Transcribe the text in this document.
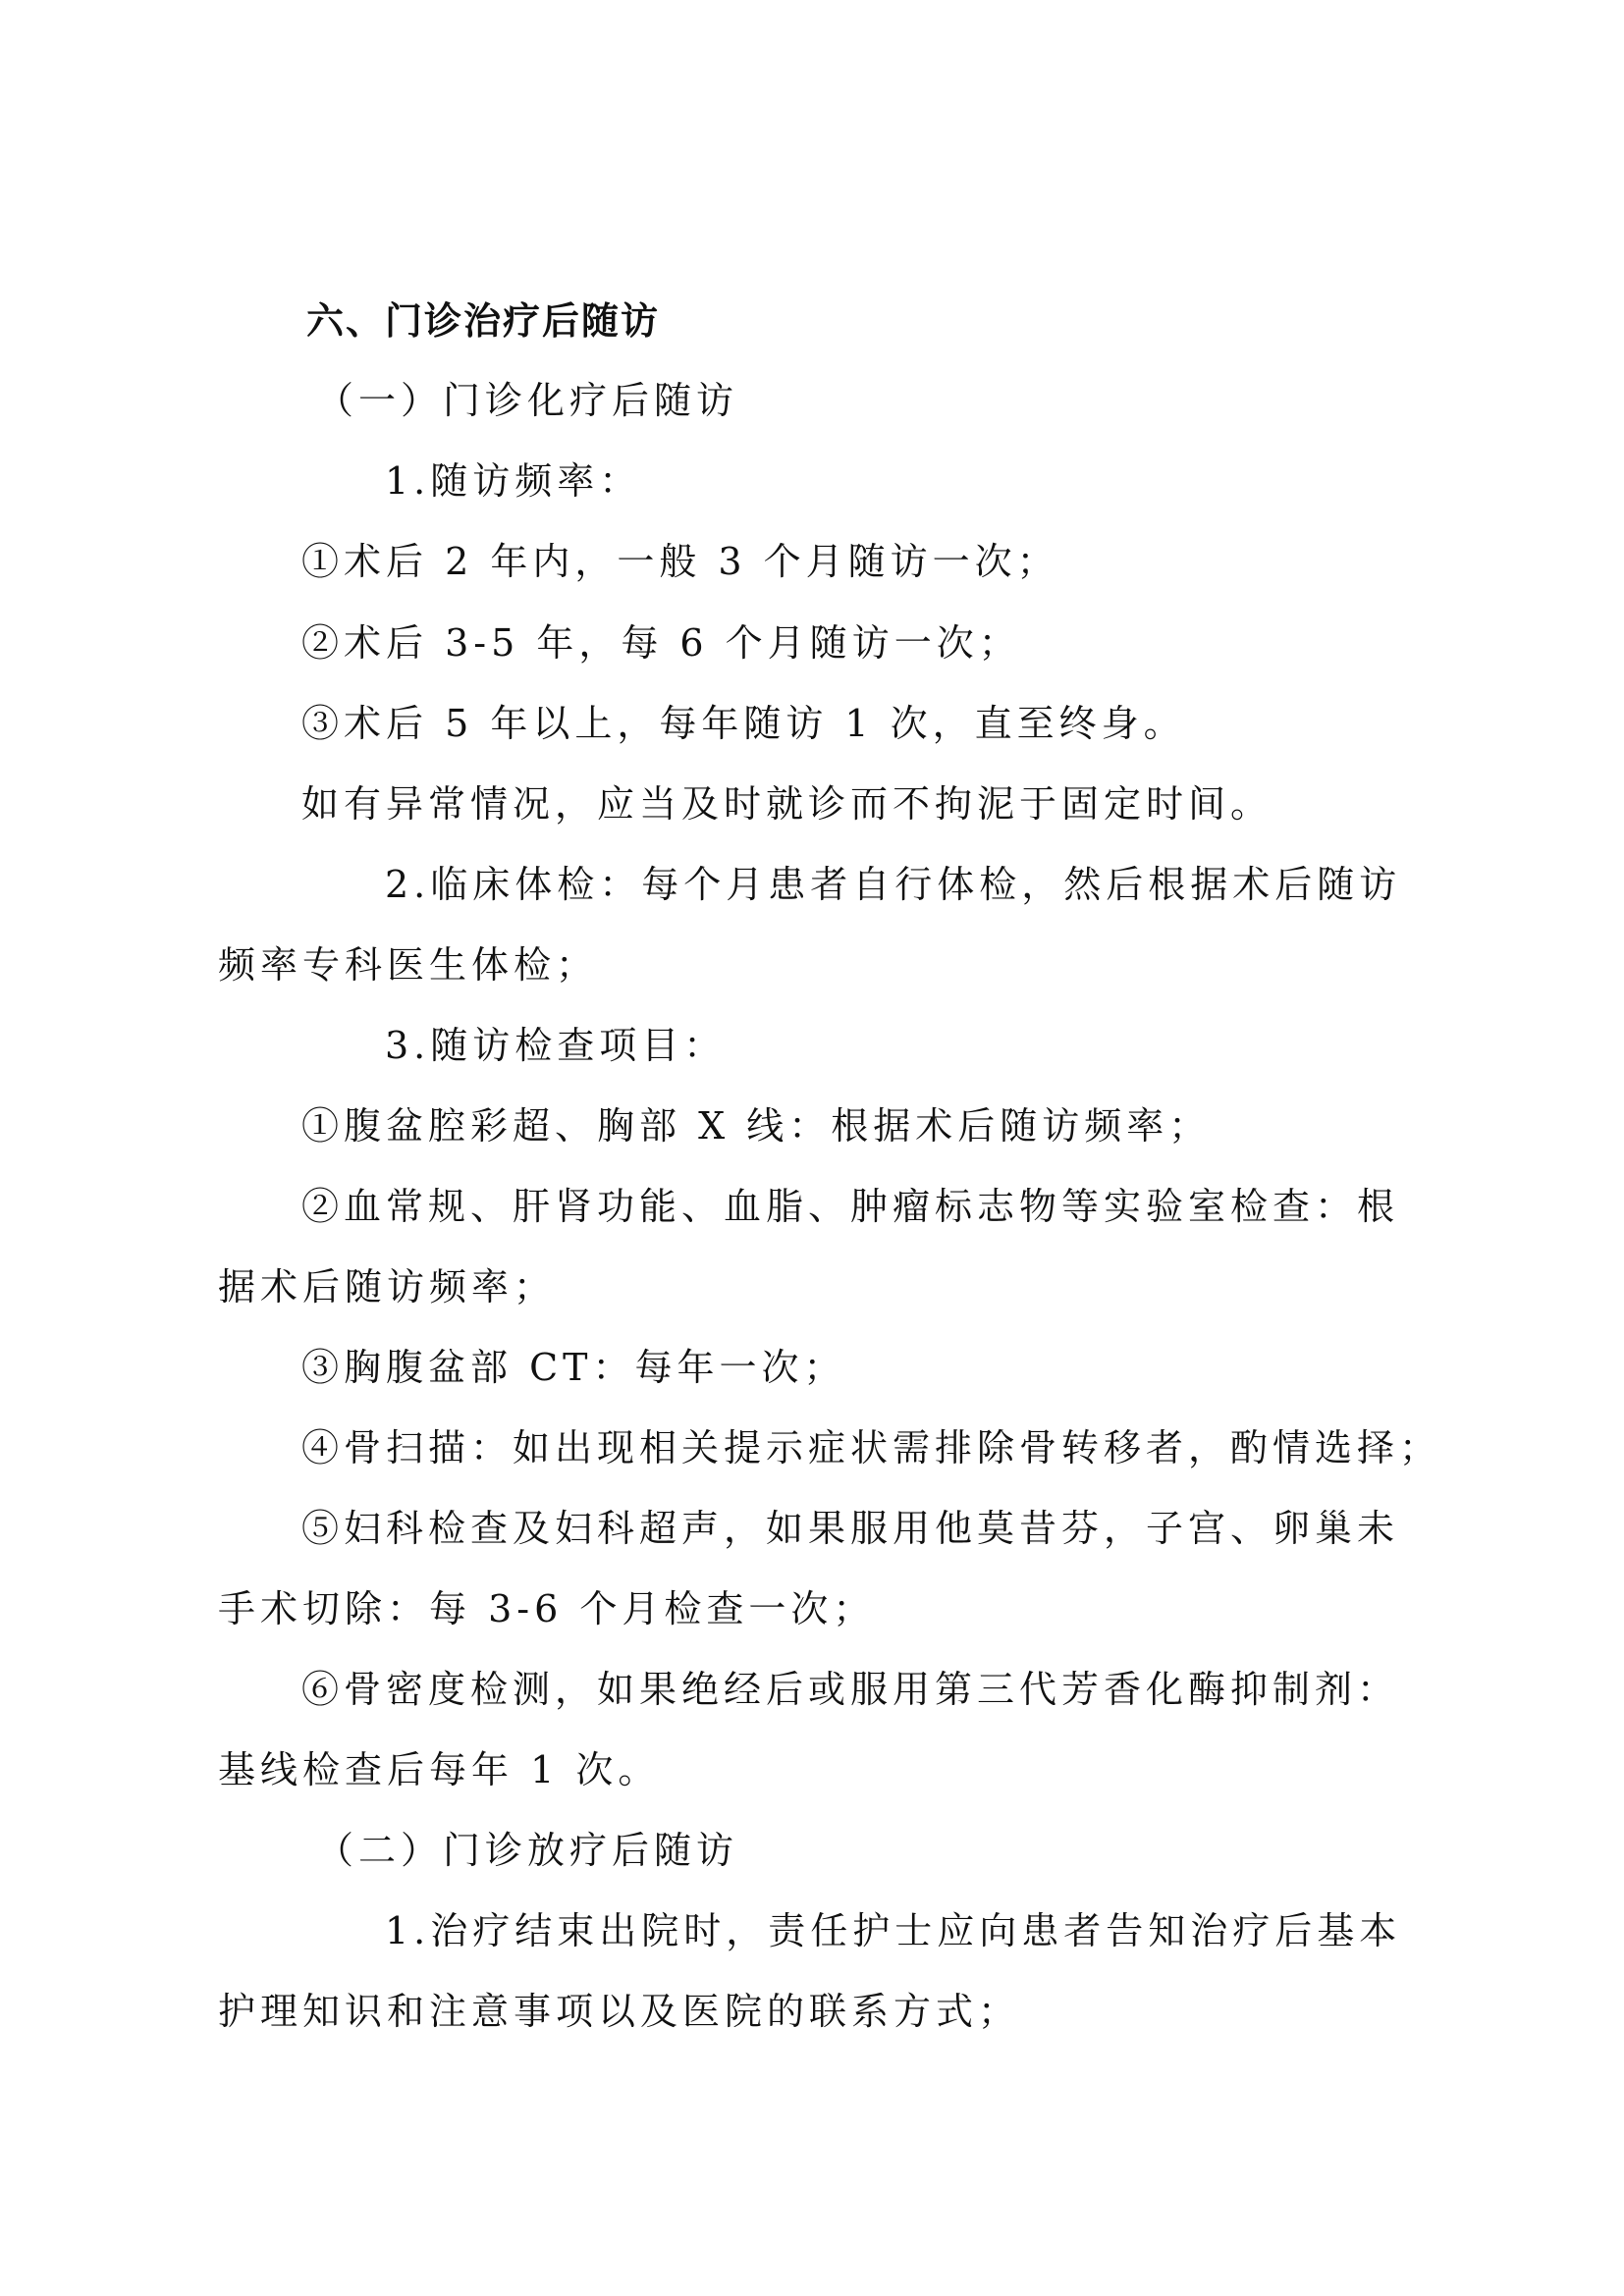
六、门诊治疗后随访

（一）门诊化疗后随访

1.随访频率：

①术后 2 年内，一般 3 个月随访一次；

②术后 3-5 年，每 6 个月随访一次；

③术后 5 年以上，每年随访 1 次，直至终身。

如有异常情况，应当及时就诊而不拘泥于固定时间。

2.临床体检：每个月患者自行体检，然后根据术后随访

频率专科医生体检；

3.随访检查项目：

①腹盆腔彩超、胸部 X 线：根据术后随访频率；

②血常规、肝肾功能、血脂、肿瘤标志物等实验室检查：根

据术后随访频率；

③胸腹盆部 CT：每年一次；

④骨扫描：如出现相关提示症状需排除骨转移者，酌情选择；

⑤妇科检查及妇科超声，如果服用他莫昔芬，子宫、卵巢未

手术切除：每 3-6 个月检查一次；

⑥骨密度检测，如果绝经后或服用第三代芳香化酶抑制剂：

基线检查后每年 1 次。

（二）门诊放疗后随访

1.治疗结束出院时，责任护士应向患者告知治疗后基本

护理知识和注意事项以及医院的联系方式；
